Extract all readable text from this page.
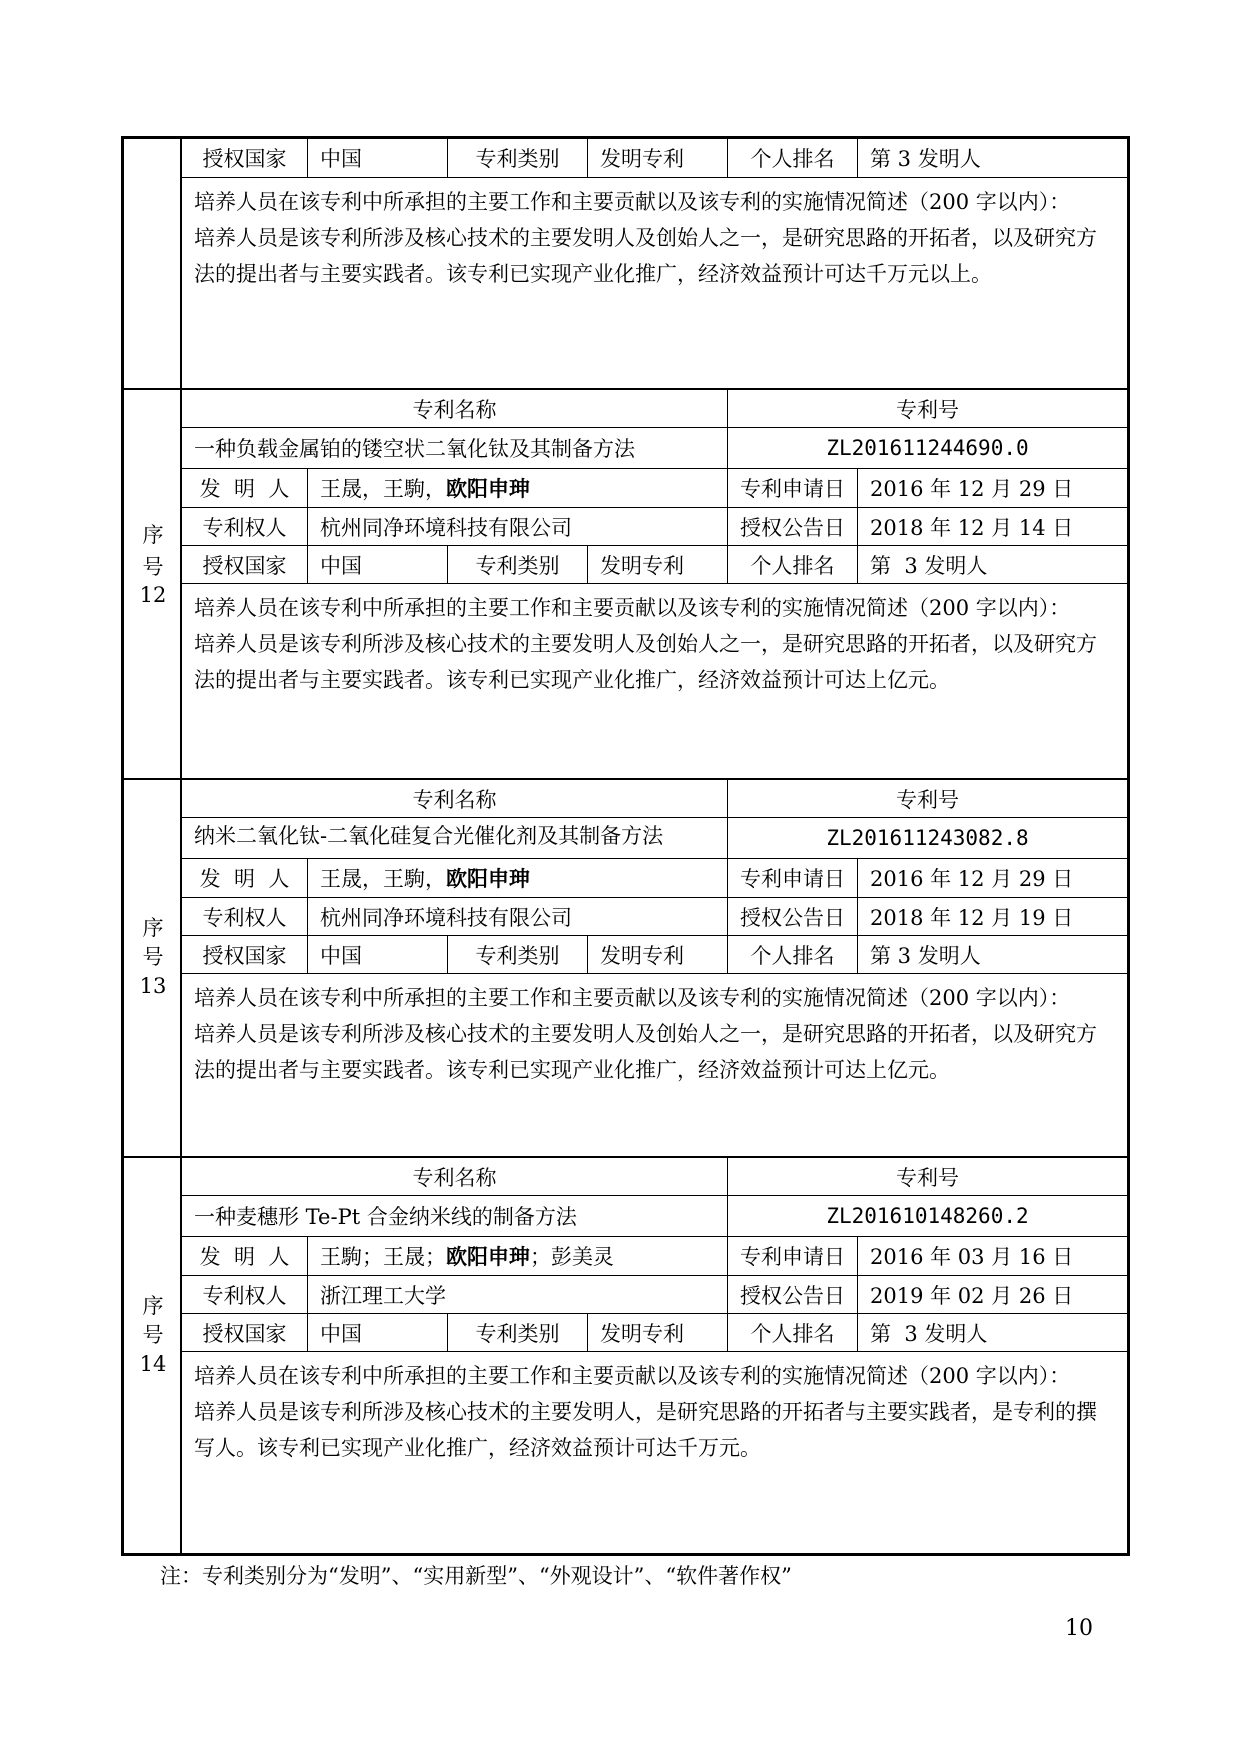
授权国家	中国	专利类别	发明专利	个人排名	第 3 发明人

培养人员在该专利中所承担的主要工作和主要贡献以及该专利的实施情况简述（200 字以内）：

培养人员是该专利所涉及核心技术的主要发明人及创始人之一，是研究思路的开拓者，以及研究方法的提出者与主要实践者。该专利已实现产业化推广，经济效益预计可达千万元以上。

序
号
12
专利名称	专利号
一种负载金属铂的镂空状二氧化钛及其制备方法	ZL201611244690.0
发  明  人	王晟，王駒， 欧阳申珅	专利申请日	2016 年 12 月 29 日
专利权人	杭州同净环境科技有限公司	授权公告日	2018 年 12 月 14 日
授权国家	中国	专利类别	发明专利	个人排名	第  3 发明人

培养人员在该专利中所承担的主要工作和主要贡献以及该专利的实施情况简述（200 字以内）：

培养人员是该专利所涉及核心技术的主要发明人及创始人之一，是研究思路的开拓者，以及研究方法的提出者与主要实践者。该专利已实现产业化推广，经济效益预计可达上亿元。

序
号
13
专利名称	专利号
纳米二氧化钛-二氧化硅复合光催化剂及其制备方法	ZL201611243082.8
发  明  人	王晟，王駒， 欧阳申珅	专利申请日	2016 年 12 月 29 日
专利权人	杭州同净环境科技有限公司	授权公告日	2018 年 12 月 19 日
授权国家	中国	专利类别	发明专利	个人排名	第 3 发明人

培养人员在该专利中所承担的主要工作和主要贡献以及该专利的实施情况简述（200 字以内）：

培养人员是该专利所涉及核心技术的主要发明人及创始人之一，是研究思路的开拓者，以及研究方法的提出者与主要实践者。该专利已实现产业化推广，经济效益预计可达上亿元。

序
号
14
专利名称	专利号
一种麦穗形 Te-Pt 合金纳米线的制备方法	ZL201610148260.2
发  明  人	王駒；王晟； 欧阳申珅 ；彭美灵	专利申请日	2016 年 03 月 16 日
专利权人	浙江理工大学	授权公告日	2019 年 02 月 26 日
授权国家	中国	专利类别	发明专利	个人排名	第  3 发明人

培养人员在该专利中所承担的主要工作和主要贡献以及该专利的实施情况简述（200 字以内）：

培养人员是该专利所涉及核心技术的主要发明人，是研究思路的开拓者与主要实践者，是专利的撰写人。该专利已实现产业化推广，经济效益预计可达千万元。

注：专利类别分为“发明”、“实用新型”、“外观设计”、“软件著作权”
10
